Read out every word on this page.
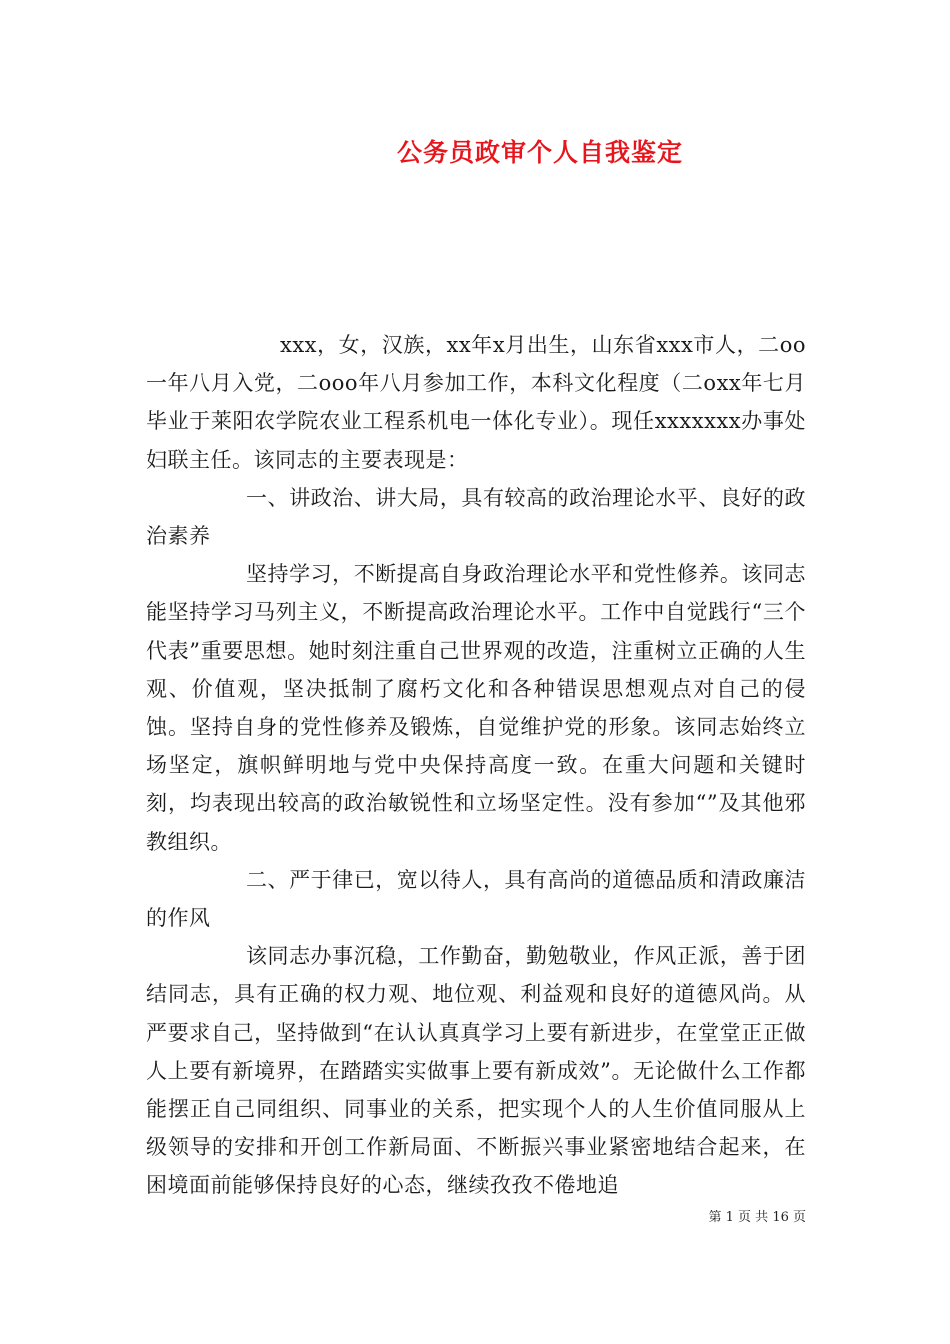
公务员政审个人自我鉴定

xxx，女，汉族，xx年x月出生，山东省xxx市人，二oo一年八月入党，二ooo年八月参加工作，本科文化程度（二oxx年七月毕业于莱阳农学院农业工程系机电一体化专业）。现任xxxxxxx办事处妇联主任。该同志的主要表现是：

一、讲政治、讲大局，具有较高的政治理论水平、良好的政治素养

坚持学习，不断提高自身政治理论水平和党性修养。该同志能坚持学习马列主义，不断提高政治理论水平。工作中自觉践行“三个代表”重要思想。她时刻注重自己世界观的改造，注重树立正确的人生观、价值观，坚决抵制了腐朽文化和各种错误思想观点对自己的侵蚀。坚持自身的党性修养及锻炼，自觉维护党的形象。该同志始终立场坚定，旗帜鲜明地与党中央保持高度一致。在重大问题和关键时刻，均表现出较高的政治敏锐性和立场坚定性。没有参加“”及其他邪教组织。

二、严于律已，宽以待人，具有高尚的道德品质和清政廉洁的作风

该同志办事沉稳，工作勤奋，勤勉敬业，作风正派，善于团结同志，具有正确的权力观、地位观、利益观和良好的道德风尚。从严要求自己，坚持做到“在认认真真学习上要有新进步，在堂堂正正做人上要有新境界，在踏踏实实做事上要有新成效”。无论做什么工作都能摆正自己同组织、同事业的关系，把实现个人的人生价值同服从上级领导的安排和开创工作新局面、不断振兴事业紧密地结合起来，在困境面前能够保持良好的心态，继续孜孜不倦地追

第 1 页 共 16 页
